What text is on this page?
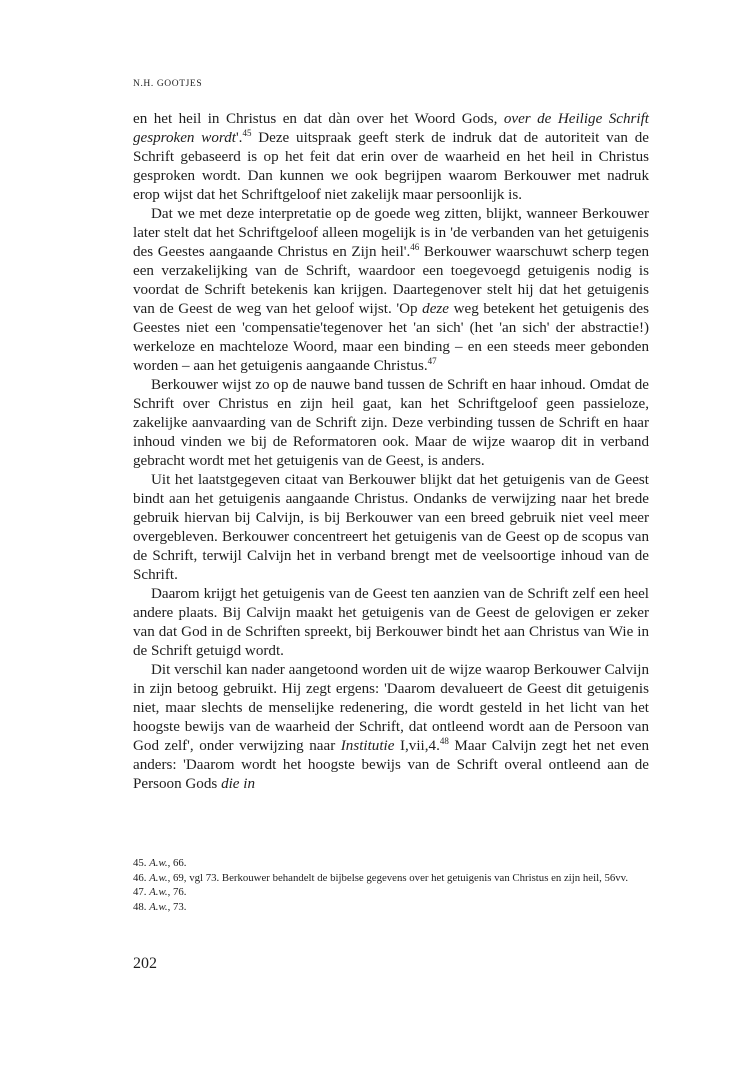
N.H. GOOTJES

en het heil in Christus en dat dàn over het Woord Gods, over de Heilige Schrift gesproken wordt'.$^{45}$ Deze uitspraak geeft sterk de indruk dat de autoriteit van de Schrift gebaseerd is op het feit dat erin over de waarheid en het heil in Christus gesproken wordt. Dan kunnen we ook begrijpen waarom Berkouwer met nadruk erop wijst dat het Schriftgeloof niet zakelijk maar persoonlijk is.

Dat we met deze interpretatie op de goede weg zitten, blijkt, wanneer Berkouwer later stelt dat het Schriftgeloof alleen mogelijk is in 'de verbanden van het getuigenis des Geestes aangaande Christus en Zijn heil'.$^{46}$ Berkouwer waarschuwt scherp tegen een verzakelijking van de Schrift, waardoor een toegevoegd getuigenis nodig is voordat de Schrift betekenis kan krijgen. Daartegenover stelt hij dat het getuigenis van de Geest de weg van het geloof wijst. 'Op deze weg betekent het getuigenis des Geestes niet een 'compensatie'tegenover het 'an sich' (het 'an sich' der abstractie!) werkeloze en machteloze Woord, maar een binding – en een steeds meer gebonden worden – aan het getuigenis aangaande Christus.$^{47}$

Berkouwer wijst zo op de nauwe band tussen de Schrift en haar inhoud. Omdat de Schrift over Christus en zijn heil gaat, kan het Schriftgeloof geen passieloze, zakelijke aanvaarding van de Schrift zijn. Deze verbinding tussen de Schrift en haar inhoud vinden we bij de Reformatoren ook. Maar de wijze waarop dit in verband gebracht wordt met het getuigenis van de Geest, is anders.

Uit het laatstgegeven citaat van Berkouwer blijkt dat het getuigenis van de Geest bindt aan het getuigenis aangaande Christus. Ondanks de verwijzing naar het brede gebruik hiervan bij Calvijn, is bij Berkouwer van een breed gebruik niet veel meer overgebleven. Berkouwer concentreert het getuigenis van de Geest op de scopus van de Schrift, terwijl Calvijn het in verband brengt met de veelsoortige inhoud van de Schrift.

Daarom krijgt het getuigenis van de Geest ten aanzien van de Schrift zelf een heel andere plaats. Bij Calvijn maakt het getuigenis van de Geest de gelovigen er zeker van dat God in de Schriften spreekt, bij Berkouwer bindt het aan Christus van Wie in de Schrift getuigd wordt.

Dit verschil kan nader aangetoond worden uit de wijze waarop Berkouwer Calvijn in zijn betoog gebruikt. Hij zegt ergens: 'Daarom devalueert de Geest dit getuigenis niet, maar slechts de menselijke redenering, die wordt gesteld in het licht van het hoogste bewijs van de waarheid der Schrift, dat ontleend wordt aan de Persoon van God zelf', onder verwijzing naar Institutie I,vii,4.48 Maar Calvijn zegt het net even anders: 'Daarom wordt het hoogste bewijs van de Schrift overal ontleend aan de Persoon Gods die in

45. A.w., 66.

46. A.w., 69, vgl 73. Berkouwer behandelt de bijbelse gegevens over het getuigenis van Christus en zijn heil, 56vv.

47. A.w., 76.

48. A.w., 73.

202
